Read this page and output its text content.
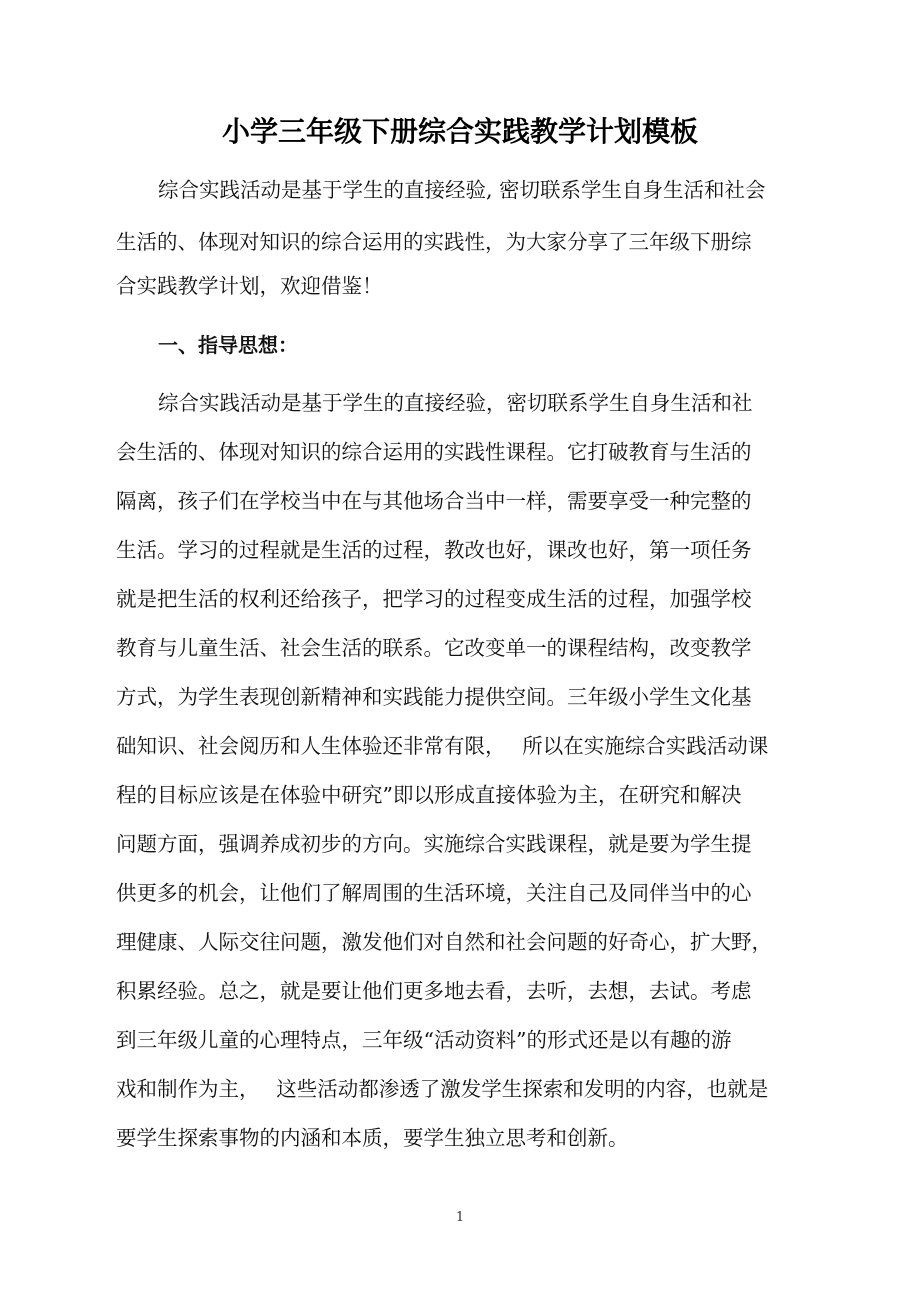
小学三年级下册综合实践教学计划模板

综合实践活动是基于学生的直接经验, 密切联系学生自身生活和社会

生活的、体现对知识的综合运用的实践性，为大家分享了三年级下册综

合实践教学计划，欢迎借鉴！

一、指导思想：

综合实践活动是基于学生的直接经验，密切联系学生自身生活和社

会生活的、体现对知识的综合运用的实践性课程。它打破教育与生活的

隔离，孩子们在学校当中在与其他场合当中一样，需要享受一种完整的

生活。学习的过程就是生活的过程，教改也好，课改也好，第一项任务

就是把生活的权利还给孩子，把学习的过程变成生活的过程，加强学校

教育与儿童生活、社会生活的联系。它改变单一的课程结构，改变教学

方式，为学生表现创新精神和实践能力提供空间。三年级小学生文化基

础知识、社会阅历和人生体验还非常有限，　 所以在实施综合实践活动课

程的目标应该是在体验中研究”即以形成直接体验为主，在研究和解决

问题方面，强调养成初步的方向。实施综合实践课程，就是要为学生提

供更多的机会，让他们了解周围的生活环境，关注自己及同伴当中的心

理健康、人际交往问题，激发他们对自然和社会问题的好奇心，扩大野，

积累经验。总之，就是要让他们更多地去看，去听，去想，去试。考虑

到三年级儿童的心理特点，三年级“活动资料”的形式还是以有趣的游

戏和制作为主，　 这些活动都渗透了激发学生探索和发明的内容，也就是

要学生探索事物的内涵和本质，要学生独立思考和创新。

1
